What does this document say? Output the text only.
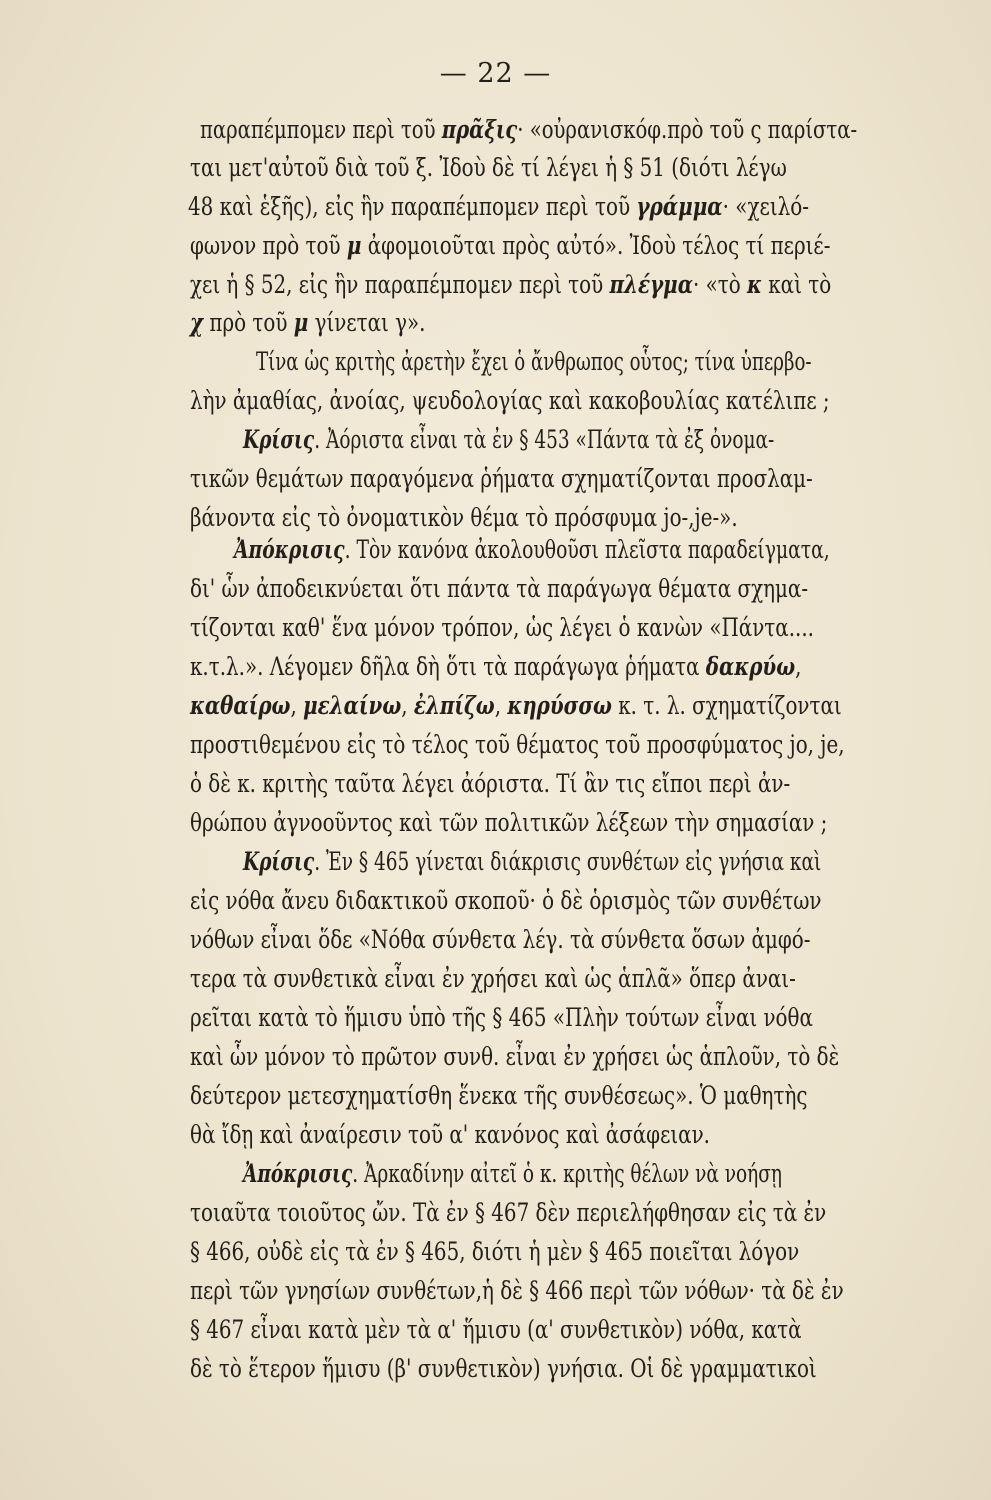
— 22 —
παραπέμπομεν περὶ τοῦ πρᾶξις· «οὐρανισκόφ.πρὸ τοῦ ς παρίστα-
ται μετ'αὐτοῦ διὰ τοῦ ξ. Ἰδοὺ δὲ τί λέγει ἡ § 51 (διότι λέγω
48 καὶ ἑξῆς), εἰς ἣν παραπέμπομεν περὶ τοῦ γράμμα· «χειλό-
φωνον πρὸ τοῦ μ ἀφομοιοῦται πρὸς αὐτό». Ἰδοὺ τέλος τί περιέ-
χει ἡ § 52, εἰς ἣν παραπέμπομεν περὶ τοῦ πλέγμα· «τὸ κ καὶ τὸ
χ πρὸ τοῦ μ γίνεται γ».
Τίνα ὡς κριτὴς ἀρετὴν ἔχει ὁ ἄνθρωπος οὗτος; τίνα ὑπερβο-
λὴν ἀμαθίας, ἀνοίας, ψευδολογίας καὶ κακοβουλίας κατέλιπε ;
Κρίσις. Ἀόριστα εἶναι τὰ ἐν § 453 «Πάντα τὰ ἐξ ὀνομα-
τικῶν θεμάτων παραγόμενα ῥήματα σχηματίζονται προσλαμ-
βάνοντα εἰς τὸ ὀνοματικὸν θέμα τὸ πρόσφυμα jo-,je-».
Ἀπόκρισις. Τὸν κανόνα ἀκολουθοῦσι πλεῖστα παραδείγματα,
δι' ὧν ἀποδεικνύεται ὅτι πάντα τὰ παράγωγα θέματα σχημα-
τίζονται καθ' ἕνα μόνον τρόπον, ὡς λέγει ὁ κανὼν «Πάντα....
κ.τ.λ.». Λέγομεν δῆλα δὴ ὅτι τὰ παράγωγα ῥήματα δακρύω,
καθαίρω, μελαίνω, ἐλπίζω, κηρύσσω κ. τ. λ. σχηματίζονται
προστιθεμένου εἰς τὸ τέλος τοῦ θέματος τοῦ προσφύματος jo, je,
ὁ δὲ κ. κριτὴς ταῦτα λέγει ἀόριστα. Τί ἂν τις εἴποι περὶ ἀν-
θρώπου ἀγνοοῦντος καὶ τῶν πολιτικῶν λέξεων τὴν σημασίαν ;
Κρίσις. Ἐν § 465 γίνεται διάκρισις συνθέτων εἰς γνήσια καὶ
εἰς νόθα ἄνευ διδακτικοῦ σκοποῦ· ὁ δὲ ὁρισμὸς τῶν συνθέτων
νόθων εἶναι ὅδε «Νόθα σύνθετα λέγ. τὰ σύνθετα ὅσων ἀμφό-
τερα τὰ συνθετικὰ εἶναι ἐν χρήσει καὶ ὡς ἁπλᾶ» ὅπερ ἀναι-
ρεῖται κατὰ τὸ ἥμισυ ὑπὸ τῆς § 465 «Πλὴν τούτων εἶναι νόθα
καὶ ὧν μόνον τὸ πρῶτον συνθ. εἶναι ἐν χρήσει ὡς ἁπλοῦν, τὸ δὲ
δεύτερον μετεσχηματίσθη ἕνεκα τῆς συνθέσεως». Ὁ μαθητὴς
θὰ ἴδῃ καὶ ἀναίρεσιν τοῦ α' κανόνος καὶ ἀσάφειαν.
Ἀπόκρισις. Ἀρκαδίνην αἰτεῖ ὁ κ. κριτὴς θέλων νὰ νοήσῃ
τοιαῦτα τοιοῦτος ὤν. Τὰ ἐν § 467 δὲν περιελήφθησαν εἰς τὰ ἐν
§ 466, οὐδὲ εἰς τὰ ἐν § 465, διότι ἡ μὲν § 465 ποιεῖται λόγον
περὶ τῶν γνησίων συνθέτων,ἡ δὲ § 466 περὶ τῶν νόθων· τὰ δὲ ἐν
§ 467 εἶναι κατὰ μὲν τὰ α' ἥμισυ (α' συνθετικὸν) νόθα, κατὰ
δὲ τὸ ἕτερον ἥμισυ (β' συνθετικὸν) γνήσια. Οἱ δὲ γραμματικοὶ
